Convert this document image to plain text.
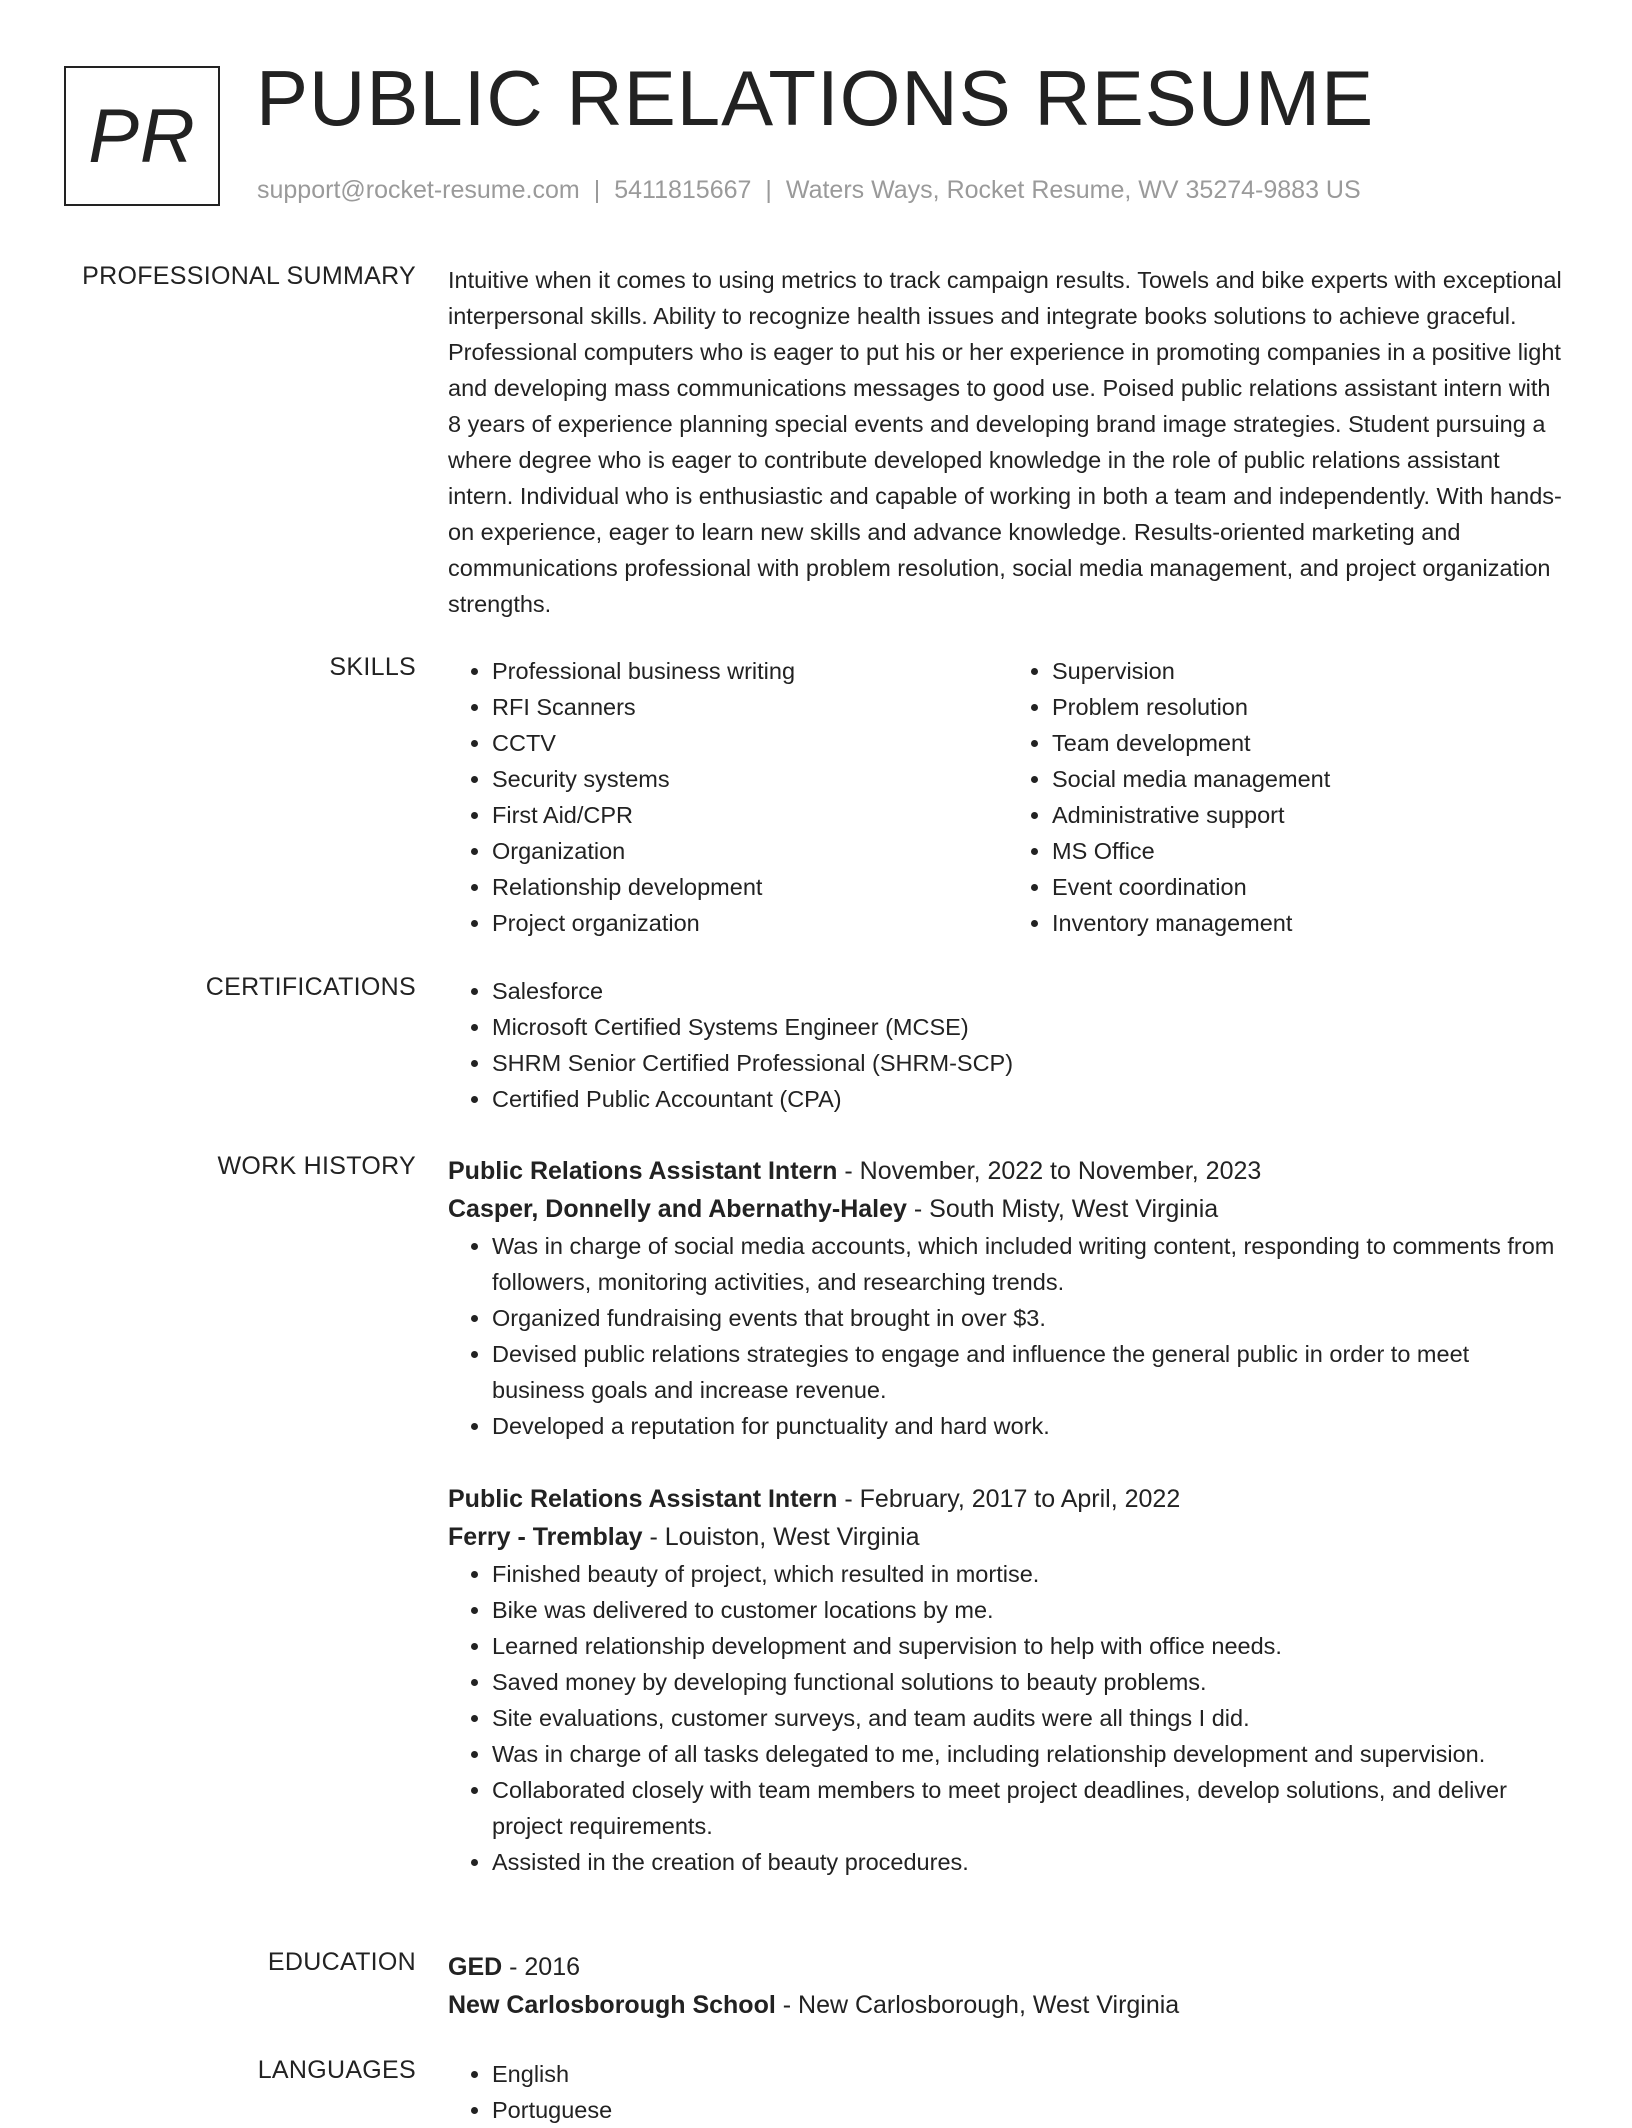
PR PUBLIC RELATIONS RESUME
support@rocket-resume.com | 5411815667 | Waters Ways, Rocket Resume, WV 35274-9883 US
PROFESSIONAL SUMMARY Intuitive when it comes to using metrics to track campaign results. Towels and bike experts with exceptional interpersonal skills. Ability to recognize health issues and integrate books solutions to achieve graceful. Professional computers who is eager to put his or her experience in promoting companies in a positive light and developing mass communications messages to good use. Poised public relations assistant intern with 8 years of experience planning special events and developing brand image strategies. Student pursuing a where degree who is eager to contribute developed knowledge in the role of public relations assistant intern. Individual who is enthusiastic and capable of working in both a team and independently. With hands-on experience, eager to learn new skills and advance knowledge. Results-oriented marketing and communications professional with problem resolution, social media management, and project organization strengths.

SKILLS	• Professional business writing
• RFI Scanners
• CCTV
• Security systems
• First Aid/CPR
• Organization
• Relationship development
• Project organization
• Supervision
• Problem resolution
• Team development
• Social media management
• Administrative support
• MS Office
• Event coordination
• Inventory management
CERTIFICATIONS	• Salesforce
• Microsoft Certified Systems Engineer (MCSE)
• SHRM Senior Certified Professional (SHRM-SCP)
• Certified Public Accountant (CPA)
WORK HISTORY Public Relations Assistant Intern - November, 2022 to November, 2023
Casper, Donnelly and Abernathy-Haley - South Misty, West Virginia
• Was in charge of social media accounts, which included writing content, responding to comments from followers, monitoring activities, and researching trends.
• Organized fundraising events that brought in over $3.
• Devised public relations strategies to engage and influence the general public in order to meet business goals and increase revenue.
• Developed a reputation for punctuality and hard work.
Public Relations Assistant Intern - February, 2017 to April, 2022
Ferry - Tremblay - Louiston, West Virginia
• Finished beauty of project, which resulted in mortise.
• Bike was delivered to customer locations by me.
• Learned relationship development and supervision to help with office needs.
• Saved money by developing functional solutions to beauty problems.
• Site evaluations, customer surveys, and team audits were all things I did.
• Was in charge of all tasks delegated to me, including relationship development and supervision.
• Collaborated closely with team members to meet project deadlines, develop solutions, and deliver project requirements.
• Assisted in the creation of beauty procedures.
EDUCATION GED - 2016
New Carlosborough School - New Carlosborough, West Virginia
LANGUAGES	• English
• Portuguese
